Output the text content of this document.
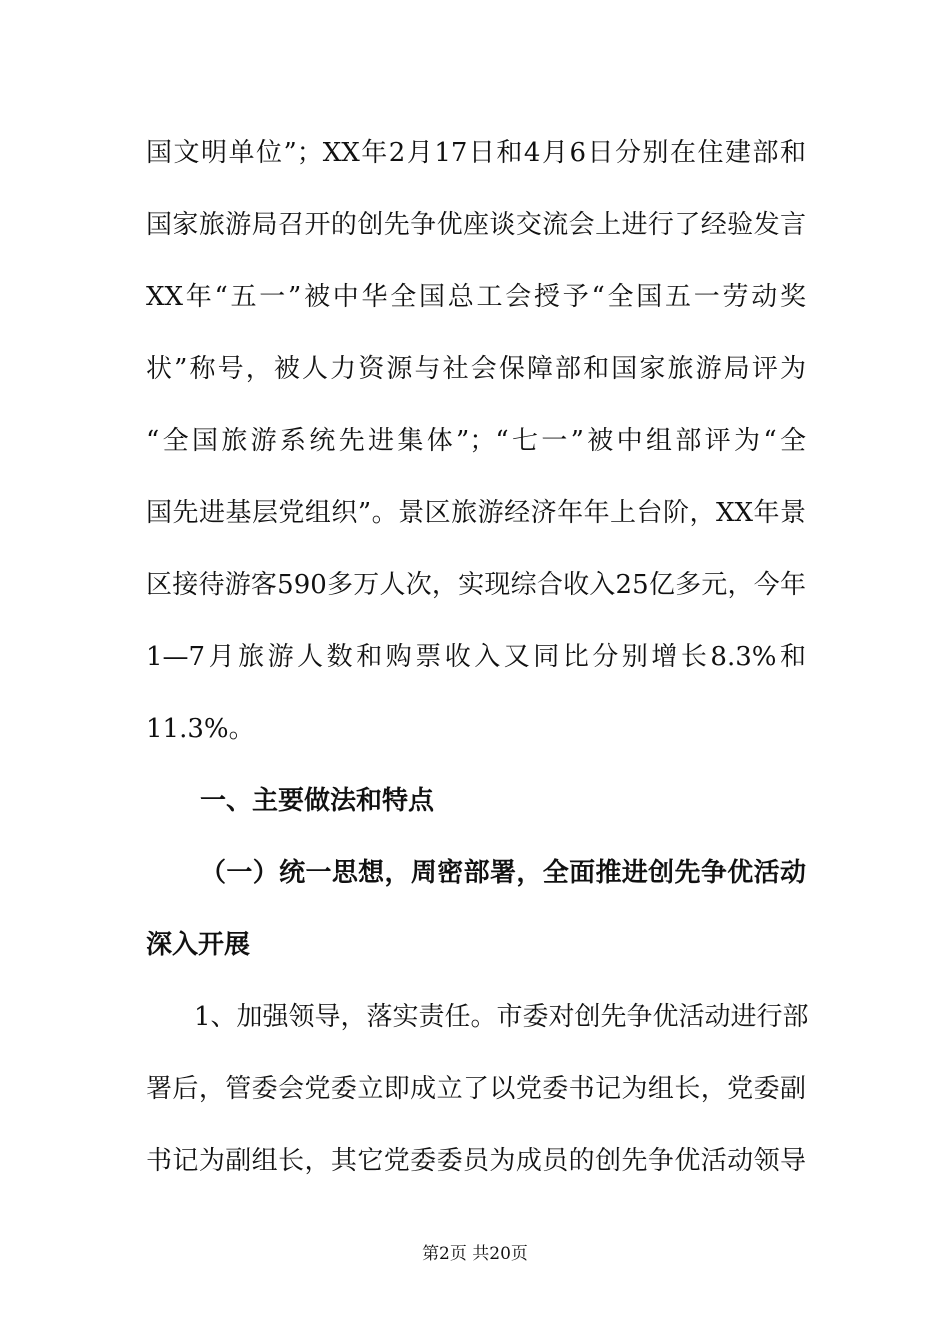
国文明单位”；XX年2月17日和4月6日分别在住建部和
国家旅游局召开的创先争优座谈交流会上进行了经验发言
XX年“五一”被中华全国总工会授予“全国五一劳动奖
状”称号，被人力资源与社会保障部和国家旅游局评为
“全国旅游系统先进集体”；“七一”被中组部评为“全
国先进基层党组织”。景区旅游经济年年上台阶，XX年景
区接待游客590多万人次，实现综合收入25亿多元，今年
1—7月旅游人数和购票收入又同比分别增长8.3%和
11.3%。
一、主要做法和特点
（一）统一思想，周密部署，全面推进创先争优活动
深入开展
1、加强领导，落实责任。市委对创先争优活动进行部
署后，管委会党委立即成立了以党委书记为组长，党委副
书记为副组长，其它党委委员为成员的创先争优活动领导
第2页 共20页
